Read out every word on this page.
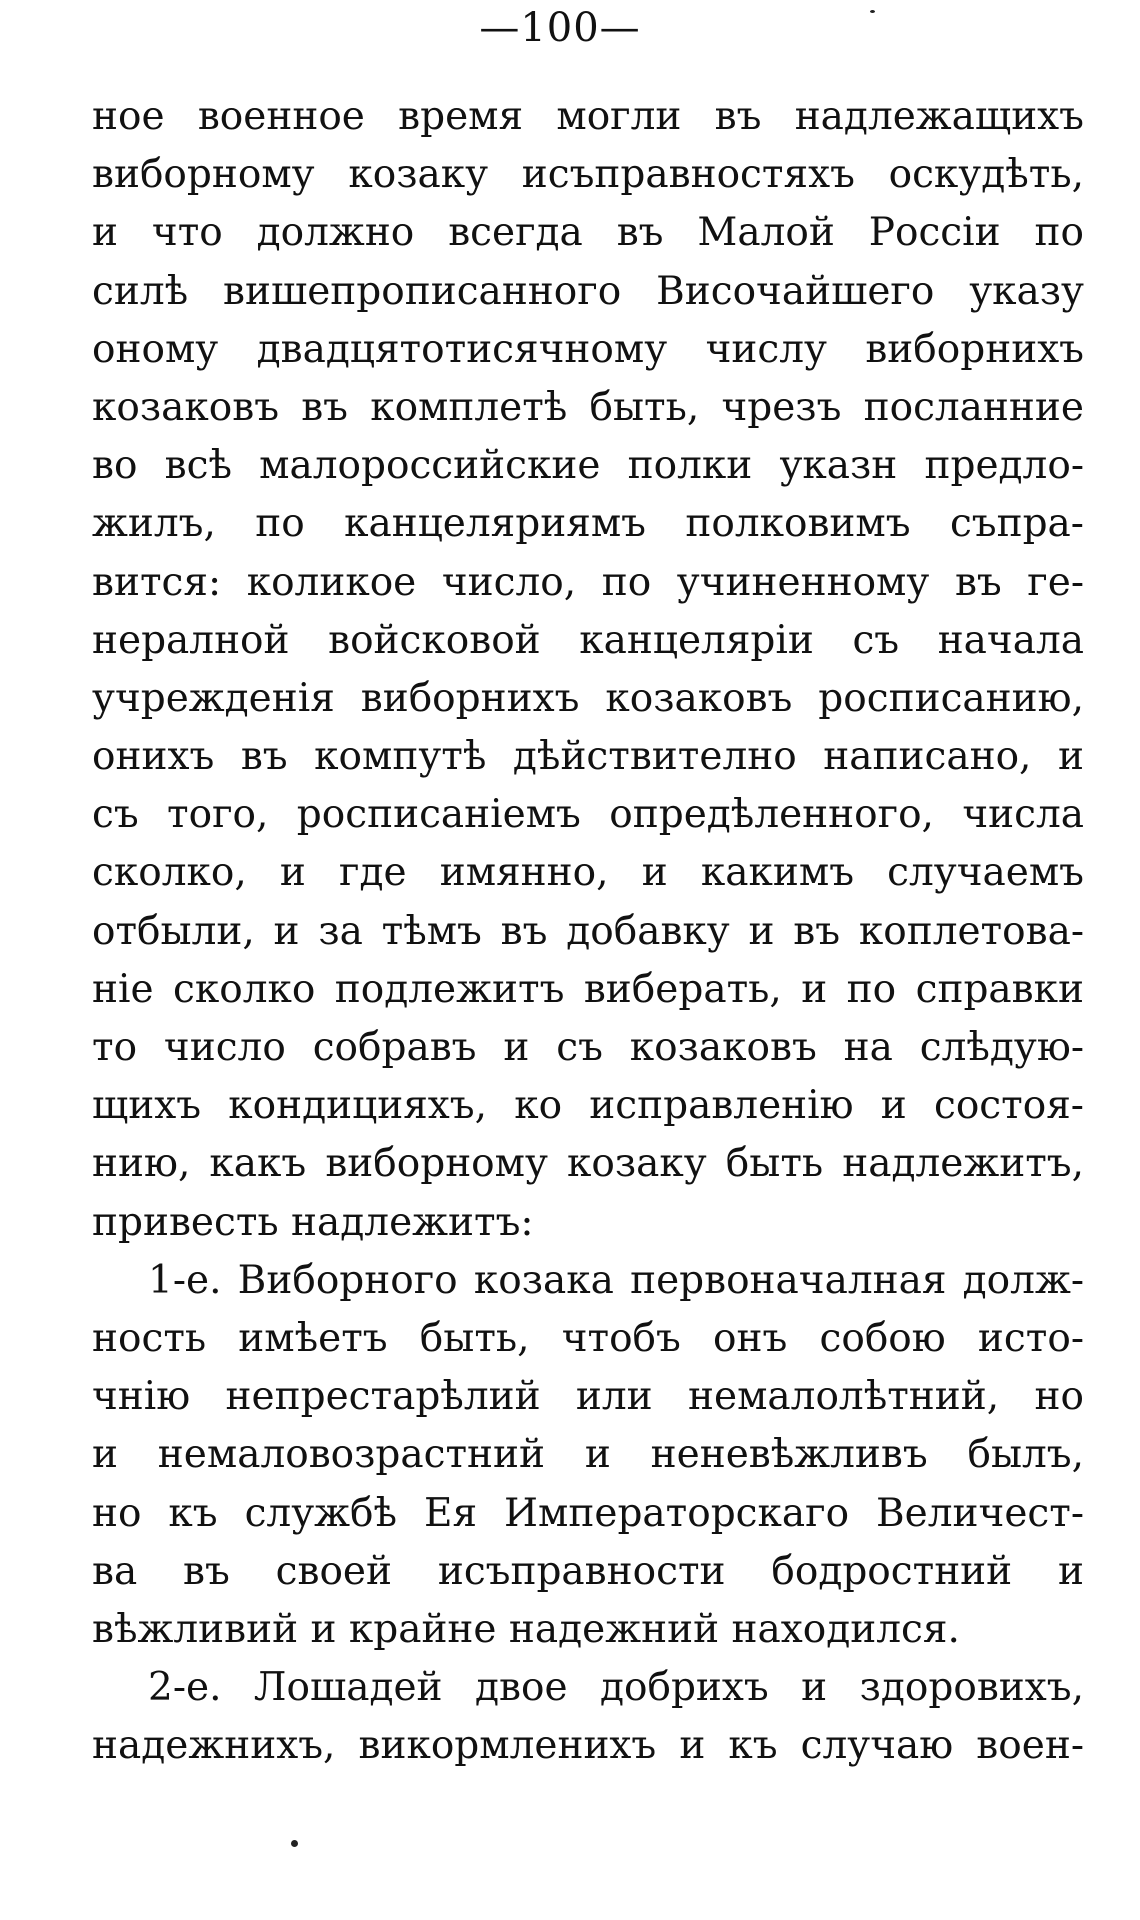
—100—
ное военное время могли въ надлежащихъ
виборному козаку исъправностяхъ оскудѣть,
и что должно всегда въ Малой Россіи по
силѣ вишепрописанного Височайшего указу
оному двадцятотисячному числу виборнихъ
козаковъ въ комплетѣ быть, чрезъ посланние
во всѣ малороссийские полки указн предло-
жилъ, по канцеляриямъ полковимъ съпра-
вится: коликое число, по учиненному въ ге-
нералной войсковой канцеляріи съ начала
учрежденія виборнихъ козаковъ росписанию,
онихъ въ компутѣ дѣйствително написано, и
съ того, росписаніемъ опредѣленного, числа
сколко, и где имянно, и какимъ случаемъ
отбыли, и за тѣмъ въ добавку и въ коплетова-
ніе сколко подлежитъ виберать, и по справки
то число собравъ и съ козаковъ на слѣдую-
щихъ кондицияхъ, ко исправленію и состоя-
нию, какъ виборному козаку быть надлежитъ,
привесть надлежитъ:
1-е. Виборного козака первоначалная долж-
ность имѣетъ быть, чтобъ онъ собою исто-
чнію непрестарѣлий или немалолѣтний, но
и немаловозрастний и неневѣжливъ былъ,
но къ службѣ Ея Императорскаго Величест-
ва въ своей исъправности бодростний и
вѣжливий и крайне надежний находился.
2-е. Лошадей двое добрихъ и здоровихъ,
надежнихъ, викормленихъ и къ случаю воен-
